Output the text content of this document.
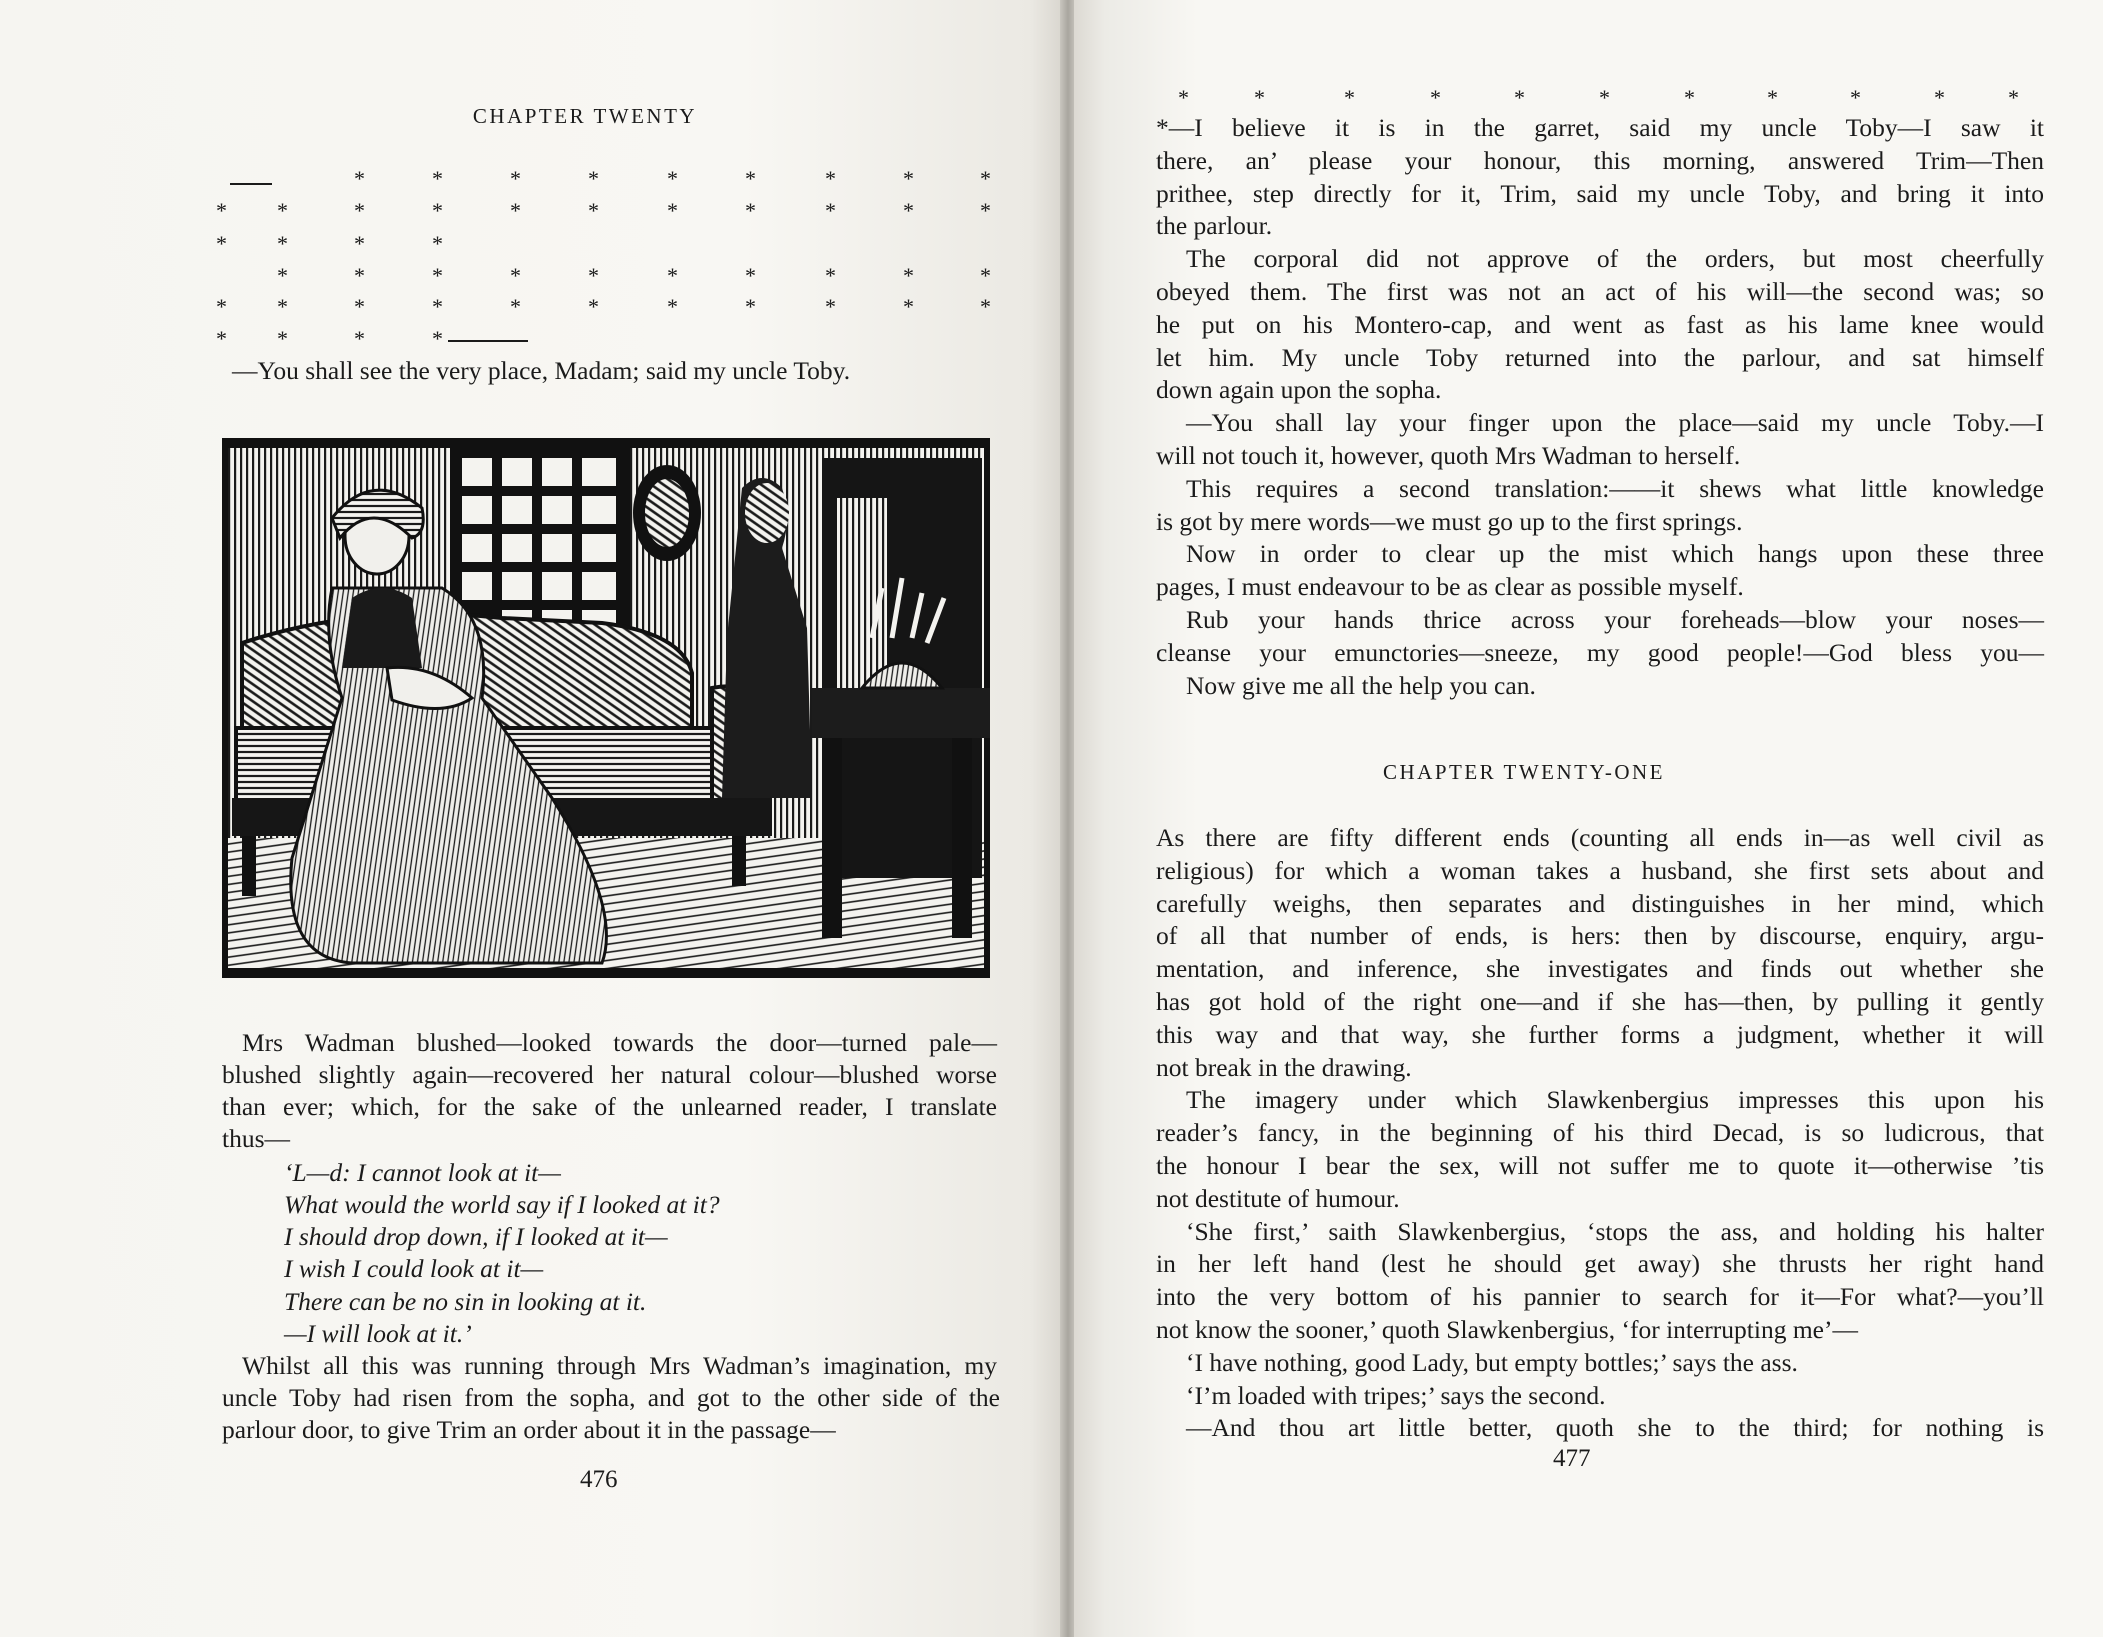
CHAPTER TWENTY
*	*	*	*	*	*	*	*	*
* *	*	*	*	*	*	*	*	*	*
* *	*	*
*	*	*	*	*	*	*	*	*	*
* *	*	*	*	*	*	*	*	*	*
* *	*	*
—You shall see the very place, Madam; said my uncle Toby.
Mrs Wadman blushed—looked towards the door—turned pale—
blushed slightly again—recovered her natural colour—blushed worse
than ever; which, for the sake of the unlearned reader, I translate
thus—
‘L—d: I cannot look at it—
What would the world say if I looked at it?
I should drop down, if I looked at it—
I wish I could look at it—
There can be no sin in looking at it.
—I will look at it.’
Whilst all this was running through Mrs Wadman’s imagination, my
uncle Toby had risen from the sopha, and got to the other side of the
parlour door, to give Trim an order about it in the passage—
476
*	*	*	*	*	*	*	*	*	*	*
*—I believe it is in the garret, said my uncle Toby—I saw it
there, an’ please your honour, this morning, answered Trim—Then
prithee, step directly for it, Trim, said my uncle Toby, and bring it into
the parlour.
The corporal did not approve of the orders, but most cheerfully
obeyed them. The first was not an act of his will—the second was; so
he put on his Montero-cap, and went as fast as his lame knee would
let him. My uncle Toby returned into the parlour, and sat himself
down again upon the sopha.
—You shall lay your finger upon the place—said my uncle Toby.—I
will not touch it, however, quoth Mrs Wadman to herself.
This requires a second translation:——it shews what little knowledge
is got by mere words—we must go up to the first springs.
Now in order to clear up the mist which hangs upon these three
pages, I must endeavour to be as clear as possible myself.
Rub your hands thrice across your foreheads—blow your noses—
cleanse your emunctories—sneeze, my good people!—God bless you—
Now give me all the help you can.
CHAPTER TWENTY-ONE
As there are fifty different ends (counting all ends in—as well civil as
religious) for which a woman takes a husband, she first sets about and
carefully weighs, then separates and distinguishes in her mind, which
of all that number of ends, is hers: then by discourse, enquiry, argu-
mentation, and inference, she investigates and finds out whether she
has got hold of the right one—and if she has—then, by pulling it gently
this way and that way, she further forms a judgment, whether it will
not break in the drawing.
The imagery under which Slawkenbergius impresses this upon his
reader’s fancy, in the beginning of his third Decad, is so ludicrous, that
the honour I bear the sex, will not suffer me to quote it—otherwise ’tis
not destitute of humour.
‘She first,’ saith Slawkenbergius, ‘stops the ass, and holding his halter
in her left hand (lest he should get away) she thrusts her right hand
into the very bottom of his pannier to search for it—For what?—you’ll
not know the sooner,’ quoth Slawkenbergius, ‘for interrupting me’—
‘I have nothing, good Lady, but empty bottles;’ says the ass.
‘I’m loaded with tripes;’ says the second.
—And thou art little better, quoth she to the third; for nothing is
477
